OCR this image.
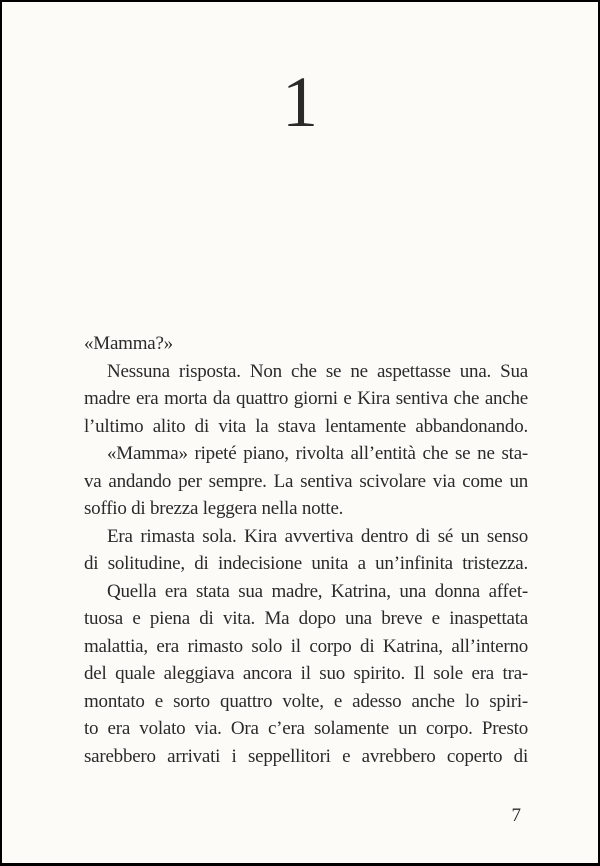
1
«Mamma?»
Nessuna risposta. Non che se ne aspettasse una. Sua
madre era morta da quattro giorni e Kira sentiva che anche
l’ultimo alito di vita la stava lentamente abbandonando.
«Mamma» ripeté piano, rivolta all’entità che se ne sta-
va andando per sempre. La sentiva scivolare via come un
soffio di brezza leggera nella notte.
Era rimasta sola. Kira avvertiva dentro di sé un senso
di solitudine, di indecisione unita a un’infinita tristezza.
Quella era stata sua madre, Katrina, una donna affet-
tuosa e piena di vita. Ma dopo una breve e inaspettata
malattia, era rimasto solo il corpo di Katrina, all’interno
del quale aleggiava ancora il suo spirito. Il sole era tra-
montato e sorto quattro volte, e adesso anche lo spiri-
to era volato via. Ora c’era solamente un corpo. Presto
sarebbero arrivati i seppellitori e avrebbero coperto di
7
